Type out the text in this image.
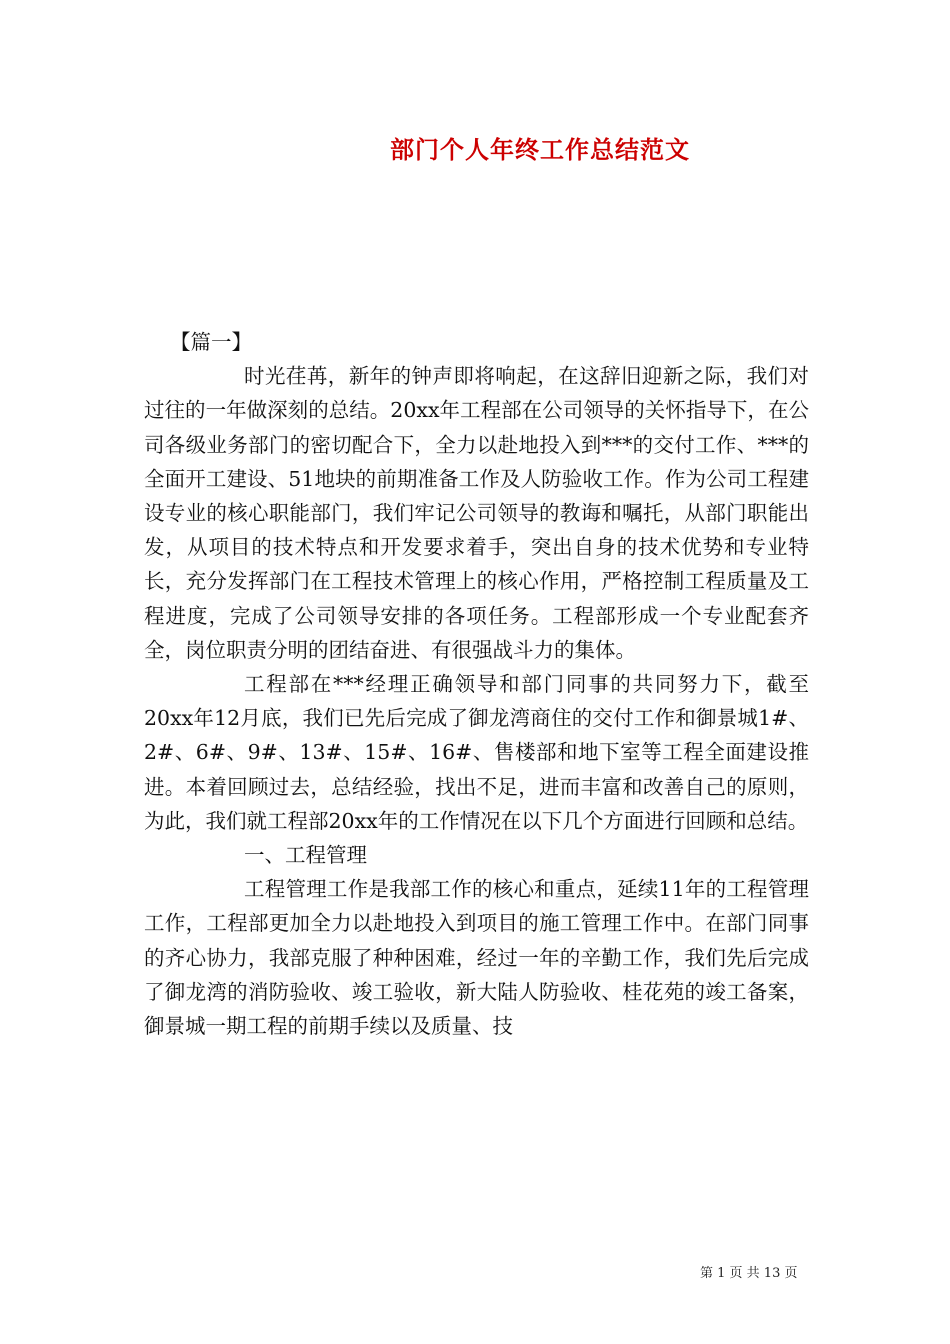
部门个人年终工作总结范文

【篇一】

时光荏苒，新年的钟声即将响起，在这辞旧迎新之际，我们对过往的一年做深刻的总结。20xx年工程部在公司领导的关怀指导下，在公司各级业务部门的密切配合下，全力以赴地投入到***的交付工作、***的全面开工建设、51地块的前期准备工作及人防验收工作。作为公司工程建设专业的核心职能部门，我们牢记公司领导的教诲和嘱托，从部门职能出发，从项目的技术特点和开发要求着手，突出自身的技术优势和专业特长，充分发挥部门在工程技术管理上的核心作用，严格控制工程质量及工程进度，完成了公司领导安排的各项任务。工程部形成一个专业配套齐全，岗位职责分明的团结奋进、有很强战斗力的集体。

工程部在***经理正确领导和部门同事的共同努力下，截至20xx年12月底，我们已先后完成了御龙湾商住的交付工作和御景城1#、2#、6#、9#、13#、15#、16#、售楼部和地下室等工程全面建设推进。本着回顾过去，总结经验，找出不足，进而丰富和改善自己的原则，为此，我们就工程部20xx年的工作情况在以下几个方面进行回顾和总结。

一、工程管理

工程管理工作是我部工作的核心和重点，延续11年的工程管理工作，工程部更加全力以赴地投入到项目的施工管理工作中。在部门同事的齐心协力，我部克服了种种困难，经过一年的辛勤工作，我们先后完成了御龙湾的消防验收、竣工验收，新大陆人防验收、桂花苑的竣工备案，御景城一期工程的前期手续以及质量、技

第 1 页 共 13 页
